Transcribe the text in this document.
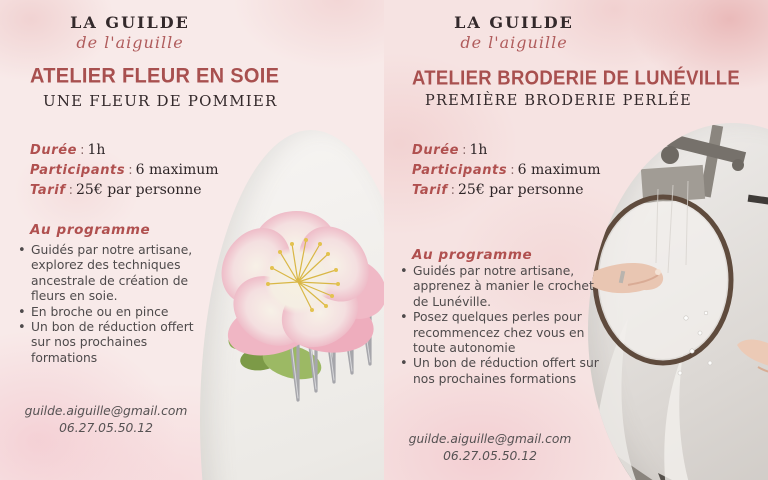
LA GUILDE
de l'aiguille
ATELIER FLEUR EN SOIE
UNE FLEUR DE POMMIER
Durée : 1h
Participants : 6 maximum
Tarif : 25€ par personne
Au programme
• Guidés par notre artisane, explorez des techniques ancestrale de création de fleurs en soie.
• En broche ou en pince
• Un bon de réduction offert sur nos prochaines formations
guilde.aiguille@gmail.com
06.27.05.50.12
LA GUILDE
de l'aiguille
ATELIER BRODERIE DE LUNÉVILLE
PREMIÈRE BRODERIE PERLÉE
Durée : 1h
Participants : 6 maximum
Tarif : 25€ par personne
Au programme
• Guidés par notre artisane, apprenez à manier le crochet de Lunéville.
• Posez quelques perles pour recommencez chez vous en toute autonomie
• Un bon de réduction offert sur nos prochaines formations
guilde.aiguille@gmail.com
06.27.05.50.12
